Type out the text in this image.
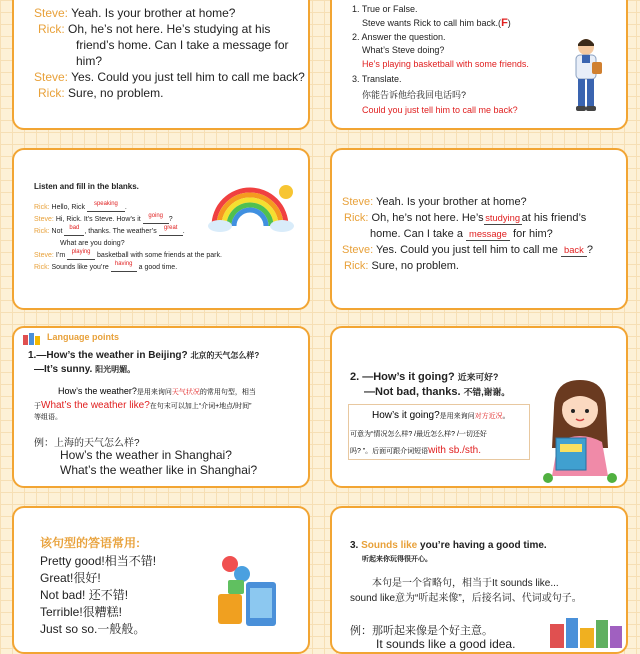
Steve: Yeah. Is your brother at home?
Rick: Oh, he’s not here. He’s studying at his
friend’s home. Can I take a message for
him?
Steve: Yes. Could you just tell him to call me back?
Rick: Sure, no problem.
1. True or False.
Steve wants Rick to call him back.(F)
2. Answer the question.
What’s Steve doing?
He’s playing basketball with some friends.
3. Translate.
你能告诉他给我回电话吗?
Could you just tell him to call me back?
Listen and fill in the blanks.
Rick: Hello, Rick $^{speaking}$ .
Steve: Hi, Rick. It’s Steve. How’s it $^{going}$ ?
Rick: Not $^{bad}$ , thanks. The weather’s $^{great}$ .
What are you doing?
Steve: I’m $^{playing}$ basketball with some friends at the park.
Rick: Sounds like you’re $^{having}$ a good time.
Steve: Yeah. Is your brother at home?
Rick: Oh, he’s not here. He’s studying at his friend’s
home. Can I take a message for him?
Steve: Yes. Could you just tell him to call me back ?
Rick: Sure, no problem.
Language points
1.—How’s the weather in Beijing? 北京的天气怎么样?
—It’s sunny. 阳光明媚。
How’s the weather?是用来询问天气状况的常用句型，相当
于What’s the weather like?在句末可以加上“介词+地点/时间”
等组语。
例：上海的天气怎么样?
How’s the weather in Shanghai?
What’s the weather like in Shanghai?
2. —How’s it going? 近来可好?
—Not bad, thanks. 不错,谢谢。
How’s it going?是用来询问对方近况。
可意为“情况怎么样? /最近怎么样? /一切还好
吗? ”。后面可跟介词短语with sb./sth.
该句型的答语常用:
Pretty good!相当不错!
Great!很好!
Not bad! 还不错!
Terrible!很糟糕!
Just so so.一般般。
3. Sounds like you’re having a good time.
听起来你玩得很开心。
本句是一个省略句，相当于It sounds like...
sound like意为“听起来像”，后接名词、代词或句子。
例：那听起来像是个好主意。
It sounds like a good idea.
